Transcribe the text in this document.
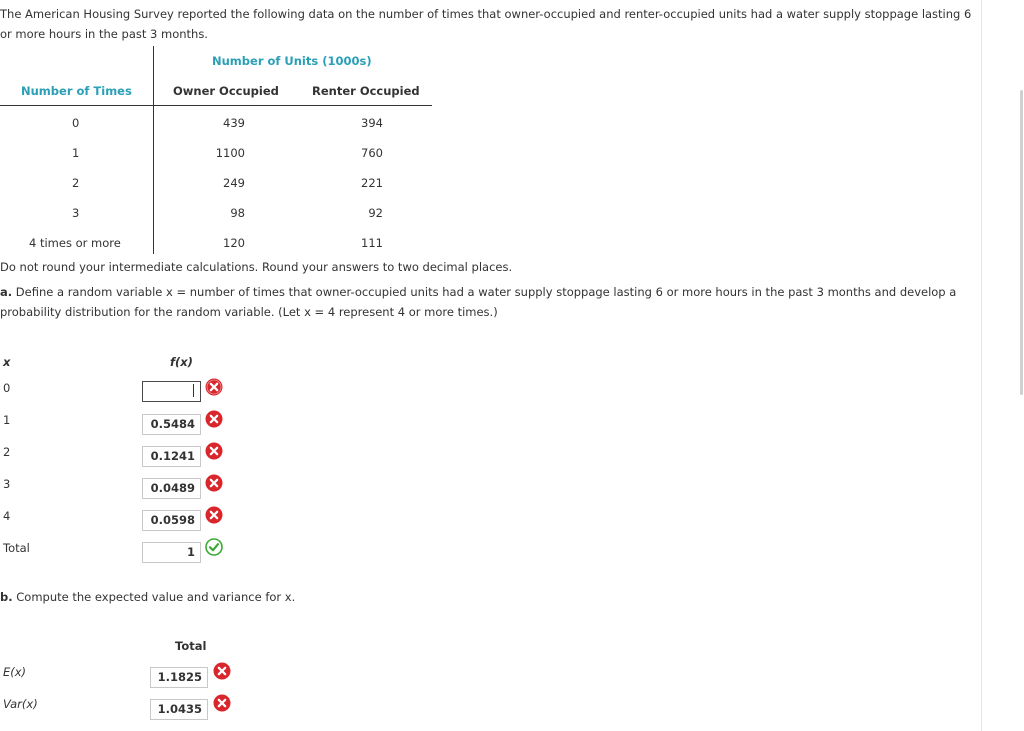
The American Housing Survey reported the following data on the number of times that owner-occupied and renter-occupied units had a water supply stoppage lasting 6 or more hours in the past 3 months.
Number of Units (1000s)
Number of Times	Owner Occupied	Renter Occupied
0	439	394
1	1100	760
2	249	221
3	98	92
4 times or more	120	111
Do not round your intermediate calculations. Round your answers to two decimal places.
a. Define a random variable x = number of times that owner-occupied units had a water supply stoppage lasting 6 or more hours in the past 3 months and develop a probability distribution for the random variable. (Let x = 4 represent 4 or more times.)
x	f(x)
0
1	0.5484
2	0.1241
3	0.0489
4	0.0598
Total	1
b. Compute the expected value and variance for x.
Total
E(x)	1.1825
Var(x)	1.0435
